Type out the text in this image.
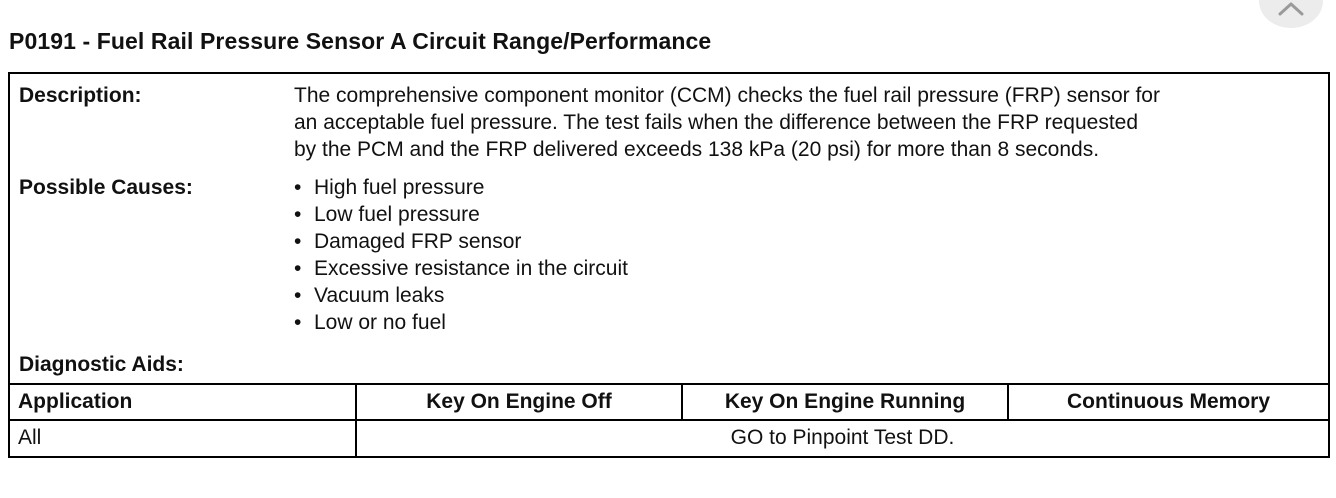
P0191 - Fuel Rail Pressure Sensor A Circuit Range/Performance
Description:	The comprehensive component monitor (CCM) checks the fuel rail pressure (FRP) sensor for
an acceptable fuel pressure. The test fails when the difference between the FRP requested
by the PCM and the FRP delivered exceeds 138 kPa (20 psi) for more than 8 seconds.
Possible Causes:	• High fuel pressure
• Low fuel pressure
• Damaged FRP sensor
• Excessive resistance in the circuit
• Vacuum leaks
• Low or no fuel
Diagnostic Aids:
Application	Key On Engine Off	Key On Engine Running	Continuous Memory
All	GO to Pinpoint Test DD.
